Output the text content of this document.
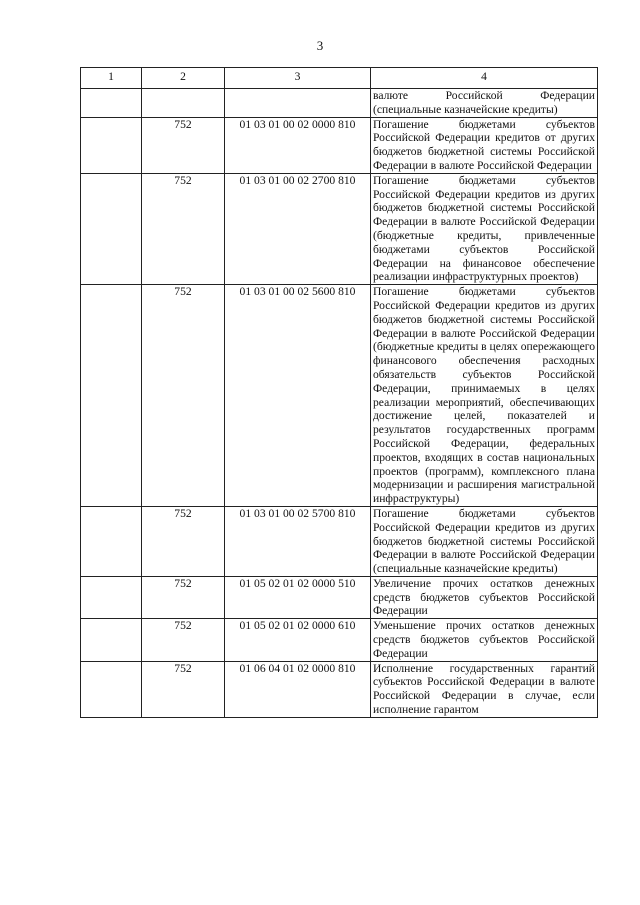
3
1	2	3	4
			валюте Российской Федерации (специальные казначейские кредиты)
	752	01 03 01 00 02 0000 810	Погашение бюджетами субъектов Российской Федерации кредитов от других бюджетов бюджетной системы Российской Федерации в валюте Российской Федерации
	752	01 03 01 00 02 2700 810	Погашение бюджетами субъектов Российской Федерации кредитов из других бюджетов бюджетной системы Российской Федерации в валюте Российской Федерации (бюджетные кредиты, привлеченные бюджетами субъектов Российской Федерации на финансовое обеспечение реализации инфраструктурных проектов)
	752	01 03 01 00 02 5600 810	Погашение бюджетами субъектов Российской Федерации кредитов из других бюджетов бюджетной системы Российской Федерации в валюте Российской Федерации (бюджетные кредиты в целях опережающего финансового обеспечения расходных обязательств субъектов Российской Федерации, принимаемых в целях реализации мероприятий, обеспечивающих достижение целей, показателей и результатов государственных программ Российской Федерации, федеральных проектов, входящих в состав национальных проектов (программ), комплексного плана модернизации и расширения магистральной инфраструктуры)
	752	01 03 01 00 02 5700 810	Погашение бюджетами субъектов Российской Федерации кредитов из других бюджетов бюджетной системы Российской Федерации в валюте Российской Федерации (специальные казначейские кредиты)
	752	01 05 02 01 02 0000 510	Увеличение прочих остатков денежных средств бюджетов субъектов Российской Федерации
	752	01 05 02 01 02 0000 610	Уменьшение прочих остатков денежных средств бюджетов субъектов Российской Федерации
	752	01 06 04 01 02 0000 810	Исполнение государственных гарантий субъектов Российской Федерации в валюте Российской Федерации в случае, если исполнение гарантом
